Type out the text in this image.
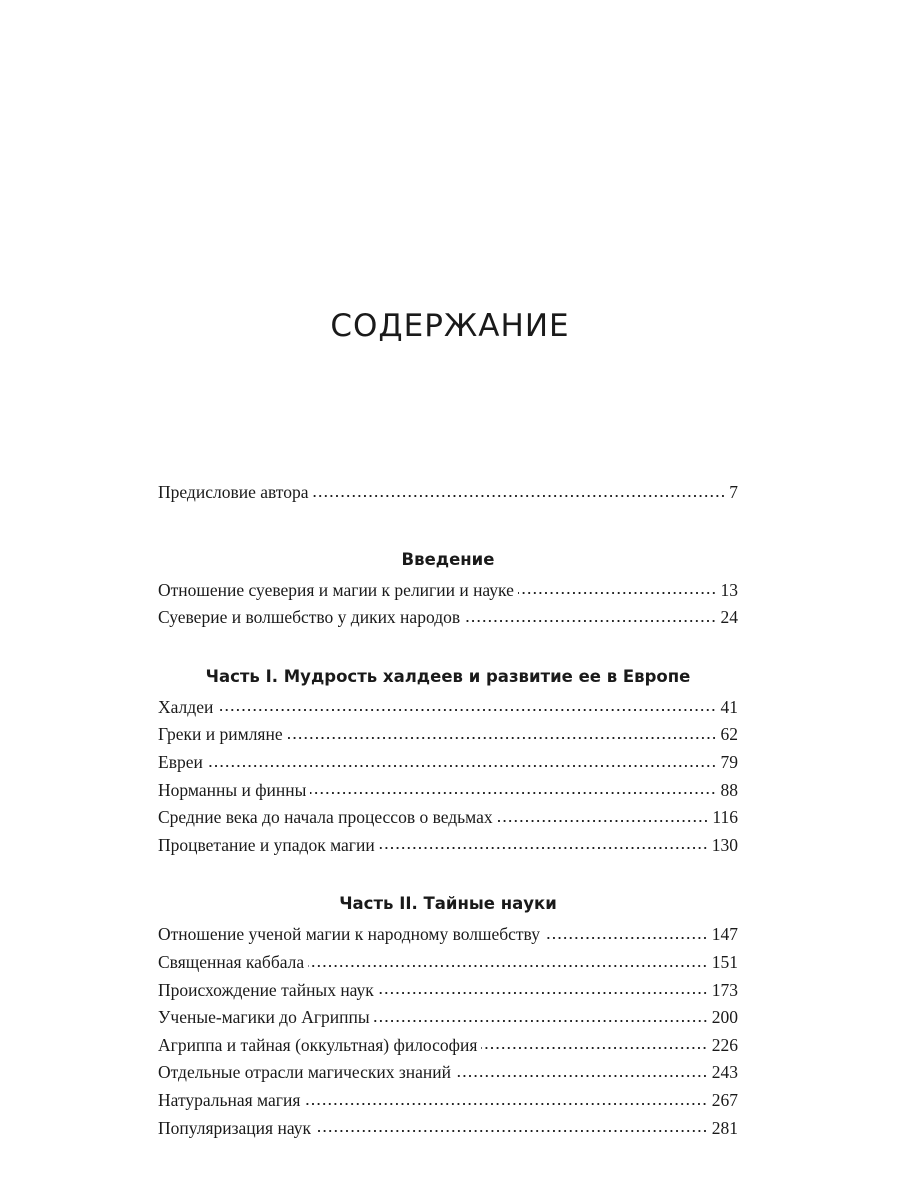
СОДЕРЖАНИЕ
Предисловие автора	7
Введение
Отношение суеверия и магии к религии и науке	13
Суеверие и волшебство у диких народов	24
Часть I. Мудрость халдеев и развитие ее в Европе
Халдеи	41
Греки и римляне	62
Евреи	79
Норманны и финны	88
Средние века до начала процессов о ведьмах	116
Процветание и упадок магии	130
Часть II. Тайные науки
Отношение ученой магии к народному волшебству	147
Священная каббала	151
Происхождение тайных наук	173
Ученые-магики до Агриппы	200
Агриппа и тайная (оккультная) философия	226
Отдельные отрасли магических знаний	243
Натуральная магия	267
Популяризация наук	281
